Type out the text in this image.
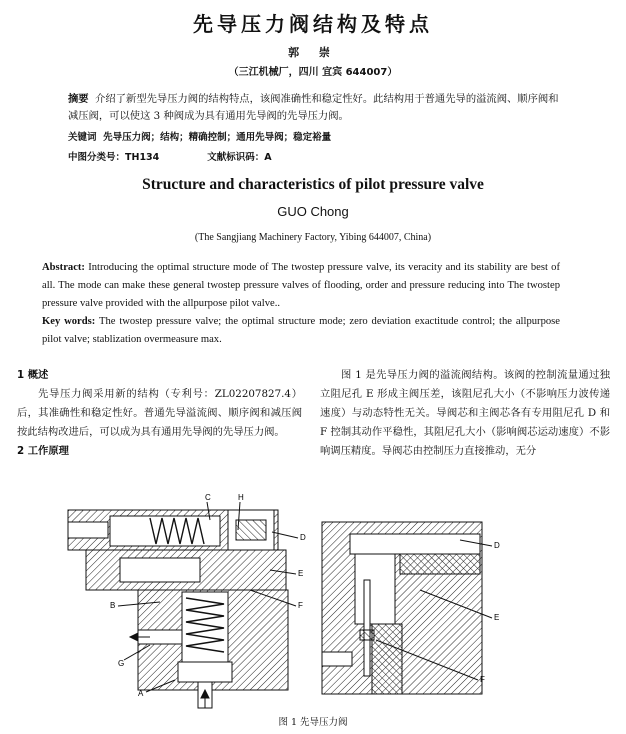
先导压力阀结构及特点
郭 崇
（三江机械厂，四川 宜宾 644007）
摘要 介绍了新型先导压力阀的结构特点，该阀准确性和稳定性好。此结构用于普通先导的溢流阀、顺序阀和减压阀，可以使这 3 种阀成为具有通用先导阀的先导压力阀。
关键词 先导压力阀；结构；精确控制；通用先导阀；稳定裕量
中图分类号：TH134	文献标识码：A
Structure and characteristics of pilot pressure valve
GUO Chong
(The Sangjiang Machinery Factory, Yibing 644007, China)
Abstract: Introducing the optimal structure mode of The twostep pressure valve, its veracity and its stability are best of all. The mode can make these general twostep pressure valves of flooding, order and pressure reducing into The twostep pressure valve provided with the allpurpose pilot valve..
Key words: The twostep pressure valve; the optimal structure mode; zero deviation exactitude control; the allpurpose pilot valve; stablization overmeasure max.
1 概述
先导压力阀采用新的结构（专利号：ZL02207827.4）后，其准确性和稳定性好。普通先导溢流阀、顺序阀和减压阀按此结构改进后，可以成为具有通用先导阀的先导压力阀。
2 工作原理
图 1 是先导压力阀的溢流阀结构。该阀的控制流量通过独立阻尼孔 E 形成主阀压差，该阻尼孔大小（不影响压力波传递速度）与动态特性无关。导阀芯和主阀芯各有专用阻尼孔 D 和 F 控制其动作平稳性，其阻尼孔大小（影响阀芯运动速度）不影响调压精度。导阀芯由控制压力直接推动，无分
C	H
D
E
B	F
G
A
D
E
F
图 1 先导压力阀
